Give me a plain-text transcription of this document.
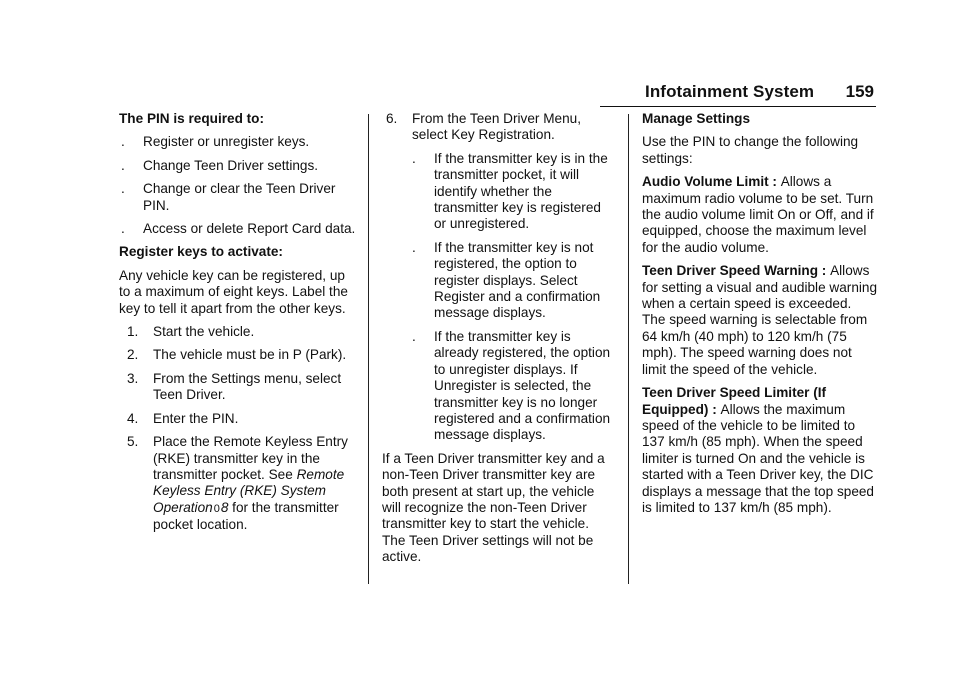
Infotainment System 159

The PIN is required to:

. Register or unregister keys.
. Change Teen Driver settings.
. Change or clear the Teen Driver PIN.
. Access or delete Report Card data.

Register keys to activate:

Any vehicle key can be registered, up to a maximum of eight keys. Label the key to tell it apart from the other keys.

1. Start the vehicle.
2. The vehicle must be in P (Park).
3. From the Settings menu, select Teen Driver.
4. Enter the PIN.
5. Place the Remote Keyless Entry (RKE) transmitter key in the transmitter pocket. See Remote Keyless Entry (RKE) System Operation08 for the transmitter pocket location.
6. From the Teen Driver Menu, select Key Registration.
. If the transmitter key is in the transmitter pocket, it will identify whether the transmitter key is registered or unregistered.
. If the transmitter key is not registered, the option to register displays. Select Register and a confirmation message displays.
. If the transmitter key is already registered, the option to unregister displays. If Unregister is selected, the transmitter key is no longer registered and a confirmation message displays.

If a Teen Driver transmitter key and a non-Teen Driver transmitter key are both present at start up, the vehicle will recognize the non-Teen Driver transmitter key to start the vehicle. The Teen Driver settings will not be active.

Manage Settings

Use the PIN to change the following settings:

Audio Volume Limit : Allows a maximum radio volume to be set. Turn the audio volume limit On or Off, and if equipped, choose the maximum level for the audio volume.

Teen Driver Speed Warning : Allows for setting a visual and audible warning when a certain speed is exceeded. The speed warning is selectable from 64 km/h (40 mph) to 120 km/h (75 mph). The speed warning does not limit the speed of the vehicle.

Teen Driver Speed Limiter (If Equipped) : Allows the maximum speed of the vehicle to be limited to 137 km/h (85 mph). When the speed limiter is turned On and the vehicle is started with a Teen Driver key, the DIC displays a message that the top speed is limited to 137 km/h (85 mph).
